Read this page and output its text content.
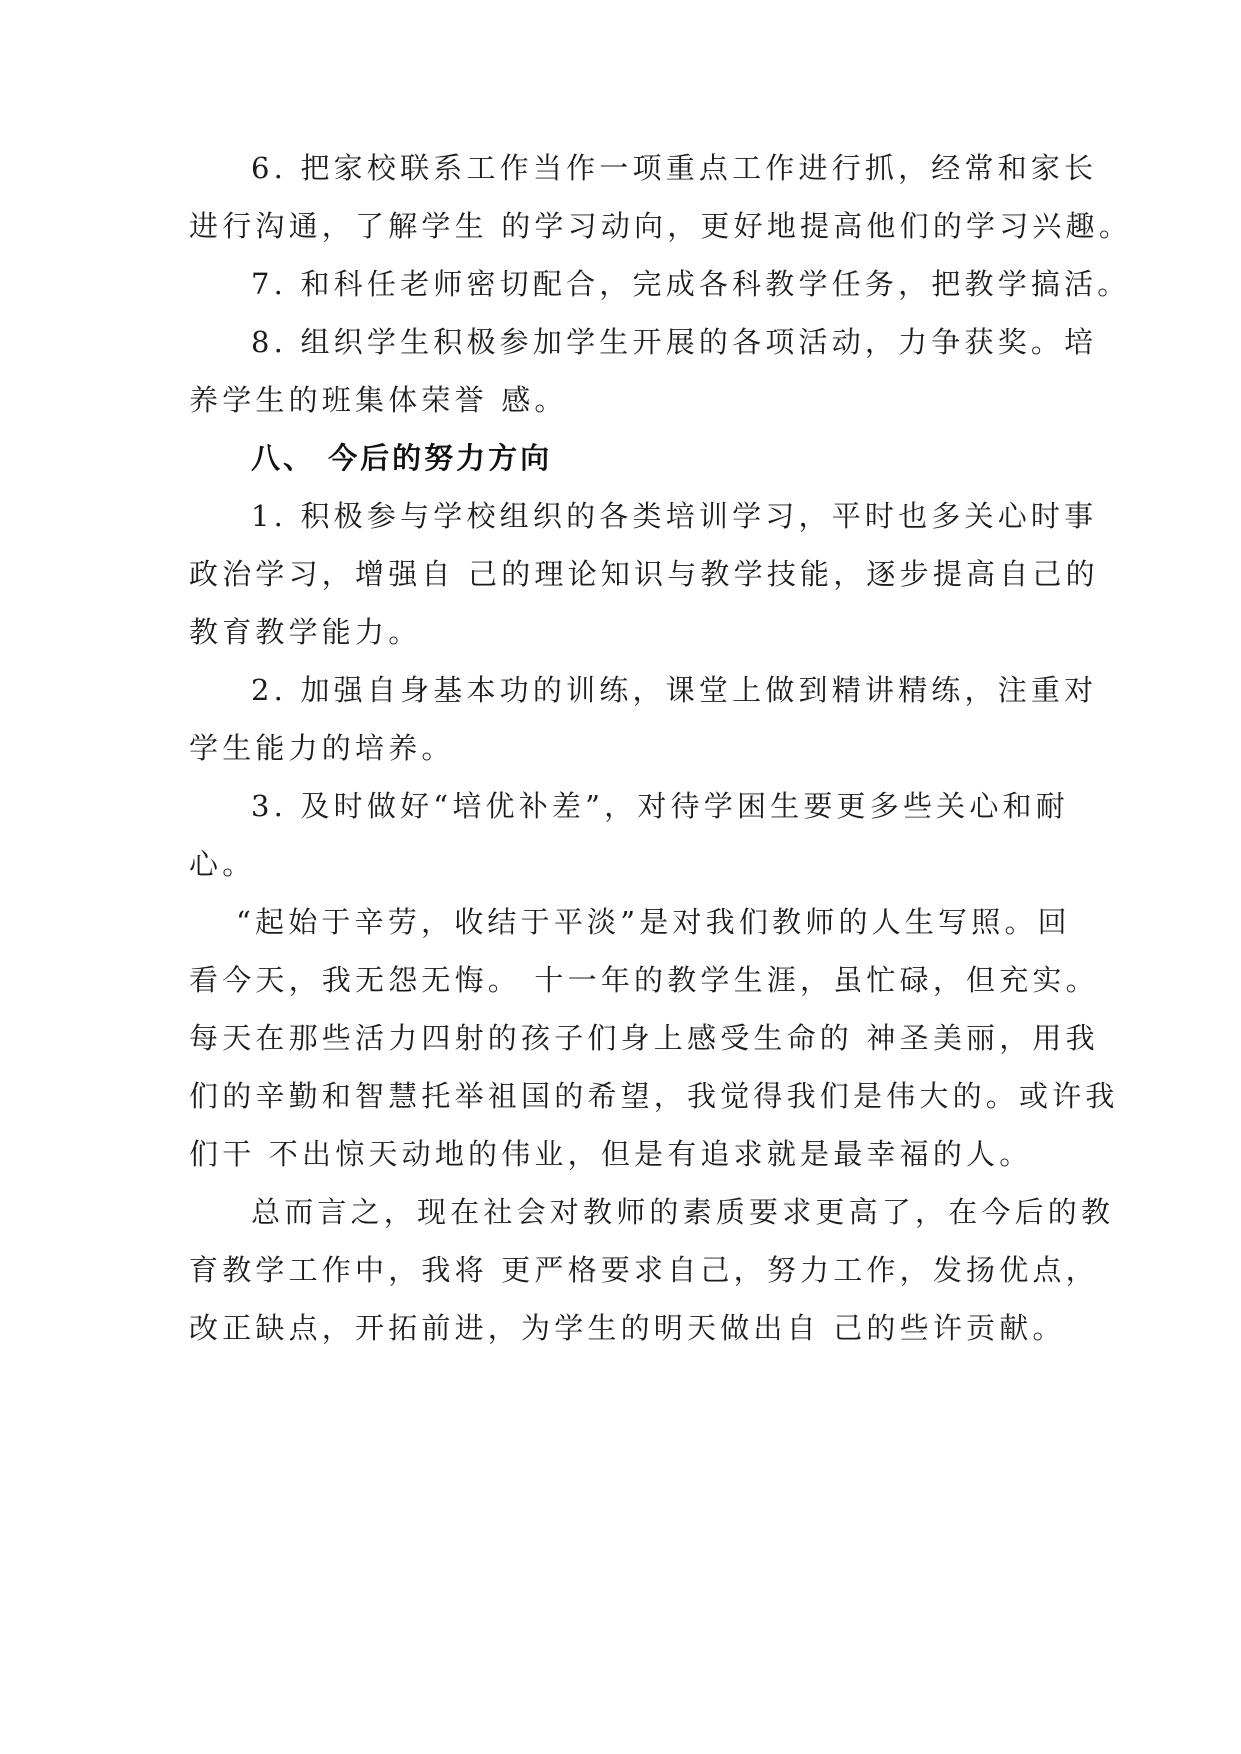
6. 把家校联系工作当作一项重点工作进行抓，经常和家长
进行沟通，了解学生 的学习动向，更好地提高他们的学习兴趣。
7. 和科任老师密切配合，完成各科教学任务，把教学搞活。
8. 组织学生积极参加学生开展的各项活动，力争获奖。培
养学生的班集体荣誉 感。
八、 今后的努力方向
1. 积极参与学校组织的各类培训学习，平时也多关心时事
政治学习，增强自 己的理论知识与教学技能，逐步提高自己的
教育教学能力。
2. 加强自身基本功的训练，课堂上做到精讲精练，注重对
学生能力的培养。
3. 及时做好“培优补差”，对待学困生要更多些关心和耐
心。
“起始于辛劳，收结于平淡”是对我们教师的人生写照。回
看今天，我无怨无悔。 十一年的教学生涯，虽忙碌，但充实。
每天在那些活力四射的孩子们身上感受生命的 神圣美丽，用我
们的辛勤和智慧托举祖国的希望，我觉得我们是伟大的。或许我
们干 不出惊天动地的伟业，但是有追求就是最幸福的人。
总而言之，现在社会对教师的素质要求更高了，在今后的教
育教学工作中，我将 更严格要求自己，努力工作，发扬优点，
改正缺点，开拓前进，为学生的明天做出自 己的些许贡献。
